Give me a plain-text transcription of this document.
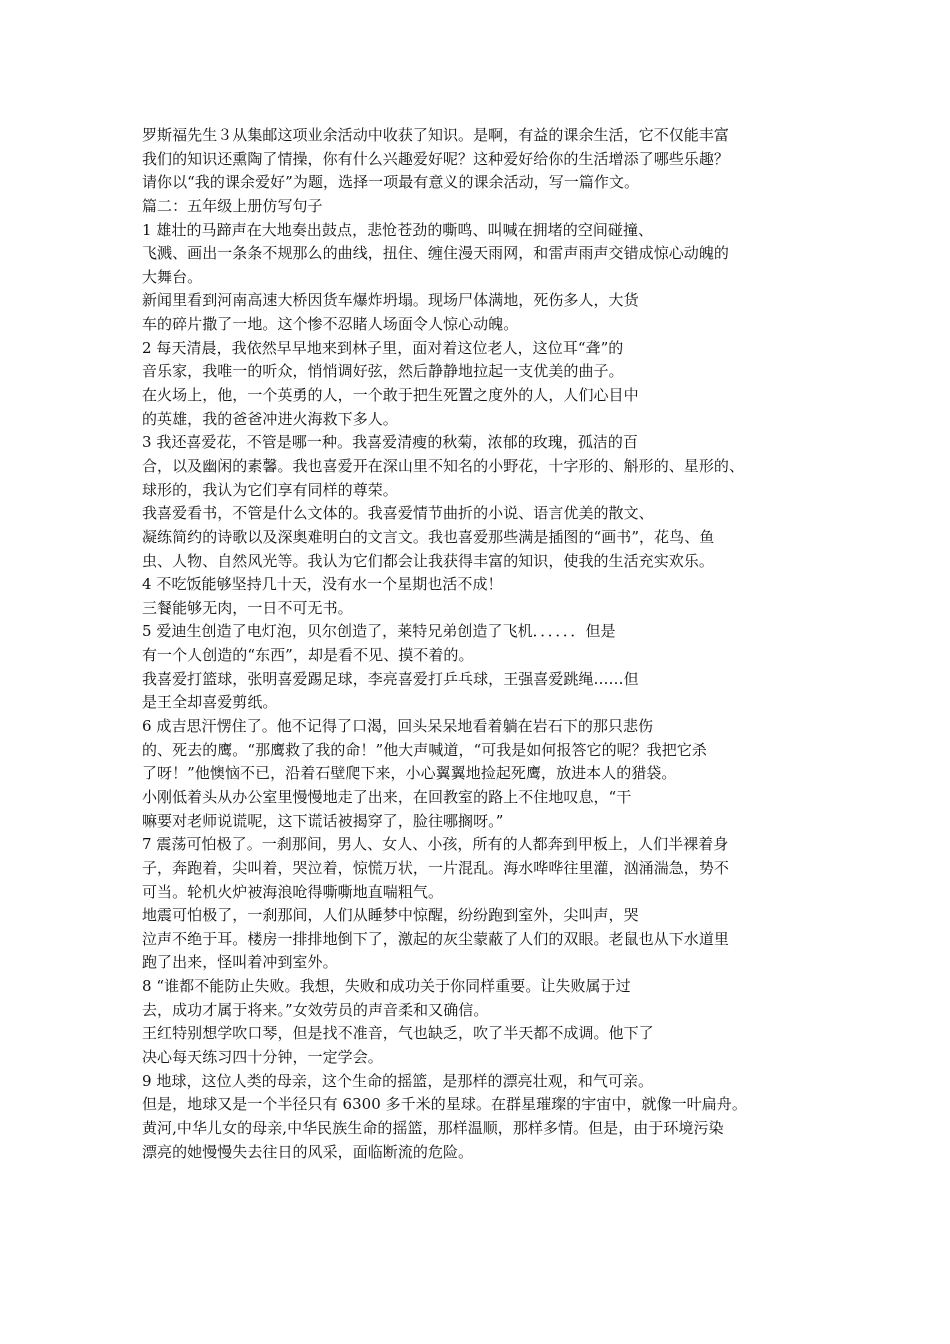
罗斯福先生３从集邮这项业余活动中收获了知识。是啊，有益的课余生活，它不仅能丰富
我们的知识还熏陶了情操，你有什么兴趣爱好呢？这种爱好给你的生活增添了哪些乐趣？
请你以“我的课余爱好”为题，选择一项最有意义的课余活动，写一篇作文。
篇二：五年级上册仿写句子
1 雄壮的马蹄声在大地奏出鼓点，悲怆苍劲的嘶鸣、叫喊在拥堵的空间碰撞、
飞溅、画出一条条不规那么的曲线，扭住、缠住漫天雨网，和雷声雨声交错成惊心动魄的
大舞台。
新闻里看到河南高速大桥因货车爆炸坍塌。现场尸体满地，死伤多人，大货
车的碎片撒了一地。这个惨不忍睹人场面令人惊心动魄。
2 每天清晨，我依然早早地来到林子里，面对着这位老人，这位耳“聋”的
音乐家，我唯一的听众，悄悄调好弦，然后静静地拉起一支优美的曲子。
在火场上，他，一个英勇的人，一个敢于把生死置之度外的人，人们心目中
的英雄，我的爸爸冲进火海救下多人。
3 我还喜爱花，不管是哪一种。我喜爱清瘦的秋菊，浓郁的玫瑰，孤洁的百
合，以及幽闲的素馨。我也喜爱开在深山里不知名的小野花，十字形的、斛形的、星形的、
球形的，我认为它们享有同样的尊荣。
我喜爱看书，不管是什么文体的。我喜爱情节曲折的小说、语言优美的散文、
凝练简约的诗歌以及深奥难明白的文言文。我也喜爱那些满是插图的“画书”，花鸟、鱼
虫、人物、自然风光等。我认为它们都会让我获得丰富的知识，使我的生活充实欢乐。
4 不吃饭能够坚持几十天，没有水一个星期也活不成！
三餐能够无肉，一日不可无书。
5 爱迪生创造了电灯泡，贝尔创造了，莱特兄弟创造了飞机．．．．．．但是
有一个人创造的“东西”，却是看不见、摸不着的。
我喜爱打篮球，张明喜爱踢足球，李亮喜爱打乒乓球，王强喜爱跳绳……但
是王全却喜爱剪纸。
6 成吉思汗愣住了。他不记得了口渴，回头呆呆地看着躺在岩石下的那只悲伤
的、死去的鹰。“那鹰救了我的命！”他大声喊道，“可我是如何报答它的呢？我把它杀
了呀！”他懊恼不已，沿着石壁爬下来，小心翼翼地捡起死鹰，放进本人的猎袋。
小刚低着头从办公室里慢慢地走了出来，在回教室的路上不住地叹息，“干
嘛要对老师说谎呢，这下谎话被揭穿了，脸往哪搁呀。”
7 震荡可怕极了。一刹那间，男人、女人、小孩，所有的人都奔到甲板上，人们半裸着身
子，奔跑着，尖叫着，哭泣着，惊慌万状，一片混乱。海水哗哗往里灌，汹涌湍急，势不
可当。轮机火炉被海浪呛得嘶嘶地直喘粗气。
地震可怕极了，一刹那间，人们从睡梦中惊醒，纷纷跑到室外，尖叫声，哭
泣声不绝于耳。楼房一排排地倒下了，激起的灰尘蒙蔽了人们的双眼。老鼠也从下水道里
跑了出来，怪叫着冲到室外。
8 “谁都不能防止失败。我想，失败和成功关于你同样重要。让失败属于过
去，成功才属于将来。”女效劳员的声音柔和又确信。
王红特别想学吹口琴，但是找不准音，气也缺乏，吹了半天都不成调。他下了
决心每天练习四十分钟，一定学会。
9 地球，这位人类的母亲，这个生命的摇篮，是那样的漂亮壮观，和气可亲。
但是，地球又是一个半径只有 6300 多千米的星球。在群星璀璨的宇宙中，就像一叶扁舟。
黄河,中华儿女的母亲,中华民族生命的摇篮，那样温顺，那样多情。但是，由于环境污染
漂亮的她慢慢失去往日的风采，面临断流的危险。
